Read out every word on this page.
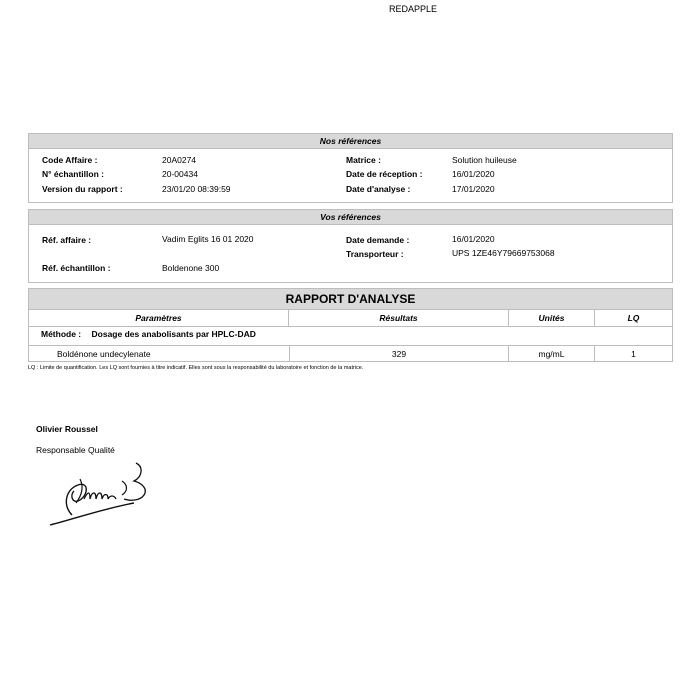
REDAPPLE
Nos références
Code Affaire :	20A0274
N° échantillon :	20-00434
Version du rapport :	23/01/20 08:39:59
Matrice :	Solution huileuse
Date de réception :	16/01/2020
Date d'analyse :	17/01/2020
Vos références
Réf. affaire :	Vadim Eglits 16 01 2020
Réf. échantillon :	Boldenone 300
Date demande :	16/01/2020
Transporteur :	UPS 1ZE46Y79669753068
RAPPORT D'ANALYSE
Paramètres	Résultats	Unités	LQ
Méthode : Dosage des anabolisants par HPLC-DAD
Boldénone undecylenate	329	mg/mL	1
LQ : Limite de quantification. Les LQ sont fournies à titre indicatif. Elles sont sous la responsabilité du laboratoire et fonction de la matrice.
Olivier Roussel
Responsable Qualité
